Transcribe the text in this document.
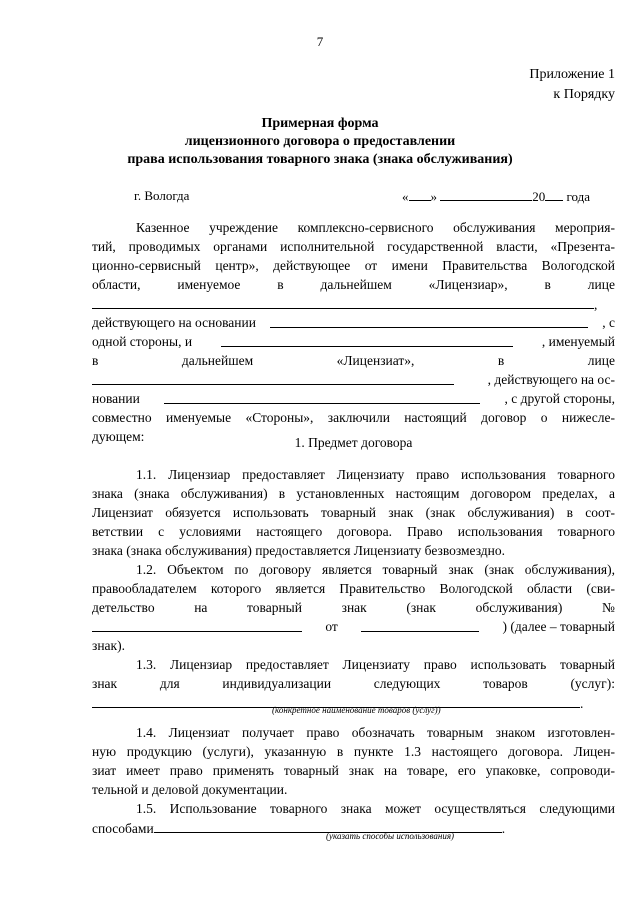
7
Приложение 1
к Порядку
Примерная форма
лицензионного договора о предоставлении
права использования товарного знака (знака обслуживания)
г. Вологда	« »	20 года
Казенное учреждение комплексно-сервисного обслуживания мероприя-
тий, проводимых органами исполнительной государственной власти, «Презента-
ционно-сервисный центр», действующее от имени Правительства Вологодской
области,	именуемое	в	дальнейшем	«Лицензиар»,	в	лице
,
действующего на основании	, с
одной стороны, и	, именуемый
в	дальнейшем	«Лицензиат»,	в	лице
, действующего на ос-
новании	, с другой стороны,
совместно именуемые «Стороны», заключили настоящий договор о нижесле-
дующем:	1. Предмет договора
1.1. Лицензиар предоставляет Лицензиату право использования товарного
знака (знака обслуживания) в установленных настоящим договором пределах, а
Лицензиат обязуется использовать товарный знак (знак обслуживания) в соот-
ветствии с условиями настоящего договора. Право использования товарного
знака (знака обслуживания) предоставляется Лицензиату безвозмездно.
1.2. Объектом по договору является товарный знак (знак обслуживания),
правообладателем которого является Правительство Вологодской области (сви-
детельство	на	товарный	знак	(знак	обслуживания)	№
от	) (далее – товарный
знак).
1.3. Лицензиар предоставляет Лицензиату право использовать товарный
знак	для	индивидуализации	следующих	товаров	(услуг):
.
(конкретное наименование товаров (услуг))
1.4. Лицензиат получает право обозначать товарным знаком изготовлен-
ную продукцию (услуги), указанную в пункте 1.3 настоящего договора. Лицен-
зиат имеет право применять товарный знак на товаре, его упаковке, сопроводи-
тельной и деловой документации.
1.5. Использование товарного знака может осуществляться следующими
способами	.
(указать способы использования)
